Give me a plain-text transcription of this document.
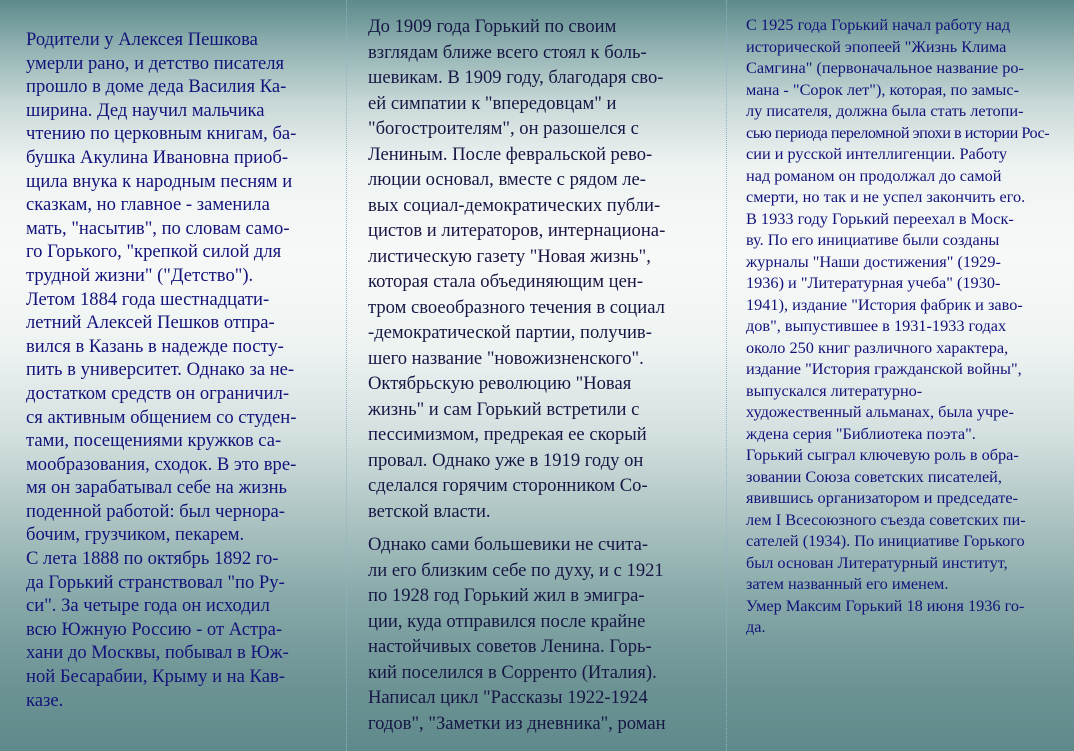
Родители у Алексея Пешкова
умерли рано, и детство писателя
прошло в доме деда Василия Ка-
ширина. Дед научил мальчика
чтению по церковным книгам, ба-
бушка Акулина Ивановна приоб-
щила внука к народным песням и
сказкам, но главное - заменила
мать, "насытив", по словам само-
го Горького, "крепкой силой для
трудной жизни" ("Детство").
Летом 1884 года шестнадцати-
летний Алексей Пешков отпра-
вился в Казань в надежде посту-
пить в университет. Однако за не-
достатком средств он ограничил-
ся активным общением со студен-
тами, посещениями кружков са-
мообразования, сходок. В это вре-
мя он зарабатывал себе на жизнь
поденной работой: был чернора-
бочим, грузчиком, пекарем.
С лета 1888 по октябрь 1892 го-
да Горький странствовал "по Ру-
си". За четыре года он исходил
всю Южную Россию - от Астра-
хани до Москвы, побывал в Юж-
ной Бесарабии, Крыму и на Кав-
казе.
До 1909 года Горький по своим
взглядам ближе всего стоял к боль-
шевикам. В 1909 году, благодаря сво-
ей симпатии к "впередовцам" и
"богостроителям", он разошелся с
Лениным. После февральской рево-
люции основал, вместе с рядом ле-
вых социал-демократических публи-
цистов и литераторов, интернациона-
листическую газету "Новая жизнь",
которая стала объединяющим цен-
тром своеобразного течения в социал
-демократической партии, получив-
шего название "новожизненского".
Октябрьскую революцию "Новая
жизнь" и сам Горький встретили с
пессимизмом, предрекая ее скорый
провал. Однако уже в 1919 году он
сделался горячим сторонником Со-
ветской власти.
Однако сами большевики не счита-
ли его близким себе по духу, и с 1921
по 1928 год Горький жил в эмигра-
ции, куда отправился после крайне
настойчивых советов Ленина. Горь-
кий поселился в Сорренто (Италия).
Написал цикл "Рассказы 1922-1924
годов", "Заметки из дневника", роман
С 1925 года Горький начал работу над
исторической эпопеей "Жизнь Клима
Самгина" (первоначальное название ро-
мана - "Сорок лет"), которая, по замыс-
лу писателя, должна была стать летопи-
сью периода переломной эпохи в истории Рос-
сии и русской интеллигенции. Работу
над романом он продолжал до самой
смерти, но так и не успел закончить его.
В 1933 году Горький переехал в Моск-
ву. По его инициативе были созданы
журналы "Наши достижения" (1929-
1936) и "Литературная учеба" (1930-
1941), издание "История фабрик и заво-
дов", выпустившее в 1931-1933 годах
около 250 книг различного характера,
издание "История гражданской войны",
выпускался литературно-
художественный альманах, была учре-
ждена серия "Библиотека поэта".
Горький сыграл ключевую роль в обра-
зовании Союза советских писателей,
явившись организатором и председате-
лем I Всесоюзного съезда советских пи-
сателей (1934). По инициативе Горького
был основан Литературный институт,
затем названный его именем.
Умер Максим Горький 18 июня 1936 го-
да.
